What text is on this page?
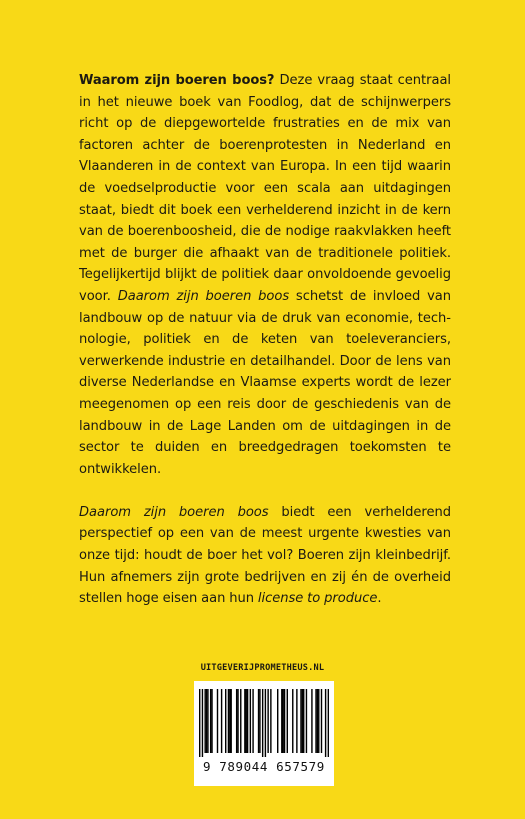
Waarom zijn boeren boos? Deze vraag staat centraal in het nieuwe boek van Foodlog, dat de schijnwerpers richt op de diepgewortelde frustraties en de mix van factoren achter de boerenprotesten in Nederland en Vlaanderen in de context van Europa. In een tijd waarin de voedselproductie voor een scala aan uitdagingen staat, biedt dit boek een verhelderend inzicht in de kern van de boerenboosheid, die de nodige raakvlakken heeft met de burger die afhaakt van de traditionele politiek. Tegelijkertijd blijkt de politiek daar onvoldoende gevoelig voor. Daarom zijn boeren boos schetst de invloed van landbouw op de natuur via de druk van economie, technologie, politiek en de keten van toeleveranciers, verwerkende industrie en detailhandel. Door de lens van diverse Nederlandse en Vlaamse experts wordt de lezer meegenomen op een reis door de geschiedenis van de landbouw in de Lage Landen om de uitdagingen in de sector te duiden en breedgedragen toekomsten te ontwikkelen.

Daarom zijn boeren boos biedt een verhelderend perspectief op een van de meest urgente kwesties van onze tijd: houdt de boer het vol? Boeren zijn kleinbedrijf. Hun afnemers zijn grote bedrijven en zij én de overheid stellen hoge eisen aan hun license to produce.

UITGEVERIJPROMETHEUS.NL
9 789044 657579
